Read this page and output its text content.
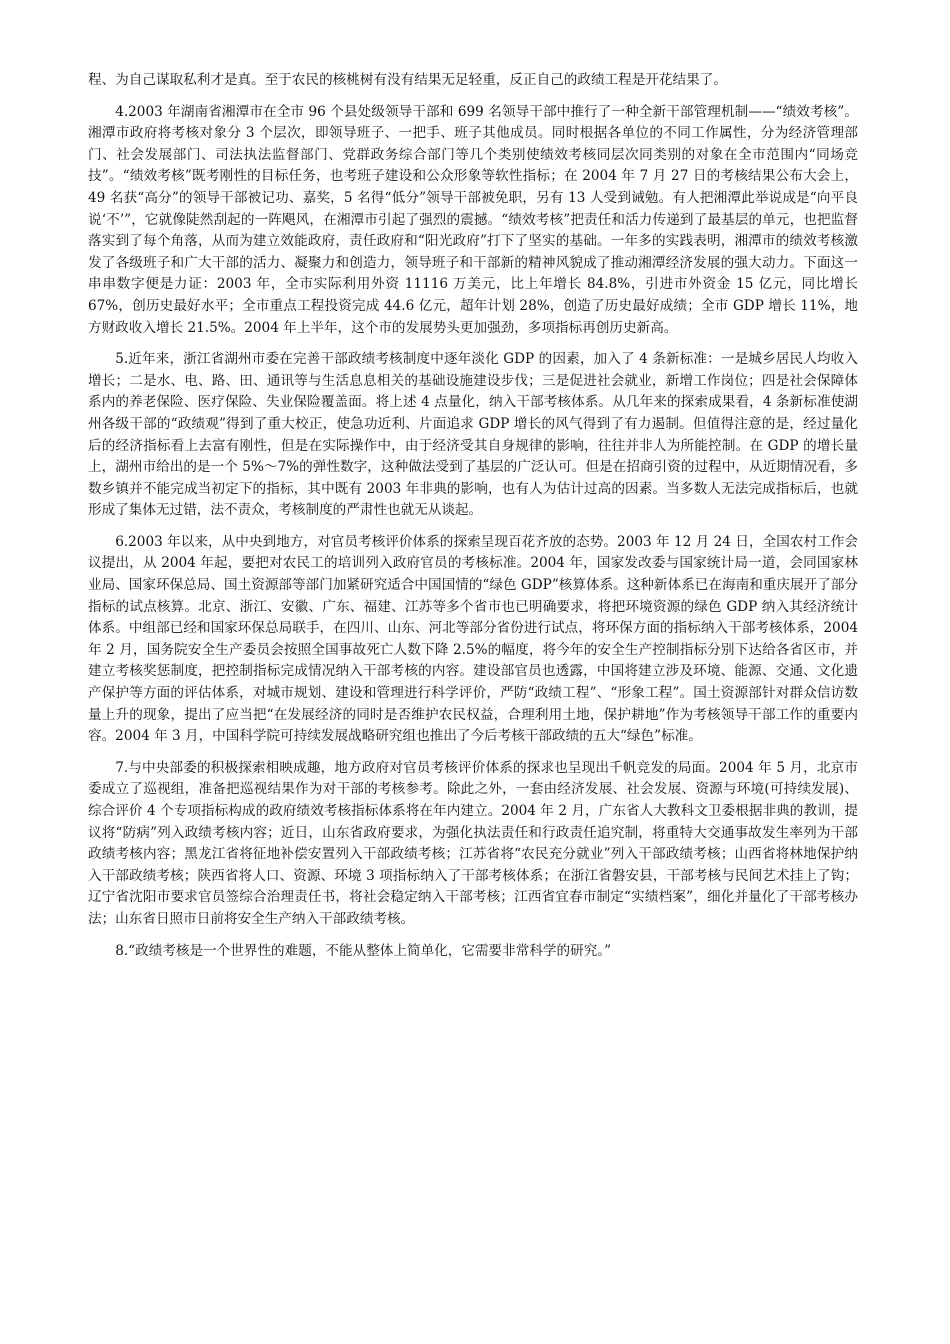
程、为自己谋取私利才是真。至于农民的核桃树有没有结果无足轻重，反正自己的政绩工程是开花结果了。

4.2003 年湖南省湘潭市在全市 96 个县处级领导干部和 699 名领导干部中推行了一种全新干部管理机制——“绩效考核”。湘潭市政府将考核对象分 3 个层次，即领导班子、一把手、班子其他成员。同时根据各单位的不同工作属性，分为经济管理部门、社会发展部门、司法执法监督部门、党群政务综合部门等几个类别使绩效考核同层次同类别的对象在全市范围内“同场竞技”。“绩效考核”既考刚性的目标任务，也考班子建设和公众形象等软性指标；在 2004 年 7 月 27 日的考核结果公布大会上，49 名获“高分”的领导干部被记功、嘉奖，5 名得“低分”领导干部被免职，另有 13 人受到诫勉。有人把湘潭此举说成是“向平良说‘不’”，它就像陡然刮起的一阵飓风，在湘潭市引起了强烈的震撼。“绩效考核”把责任和活力传递到了最基层的单元，也把监督落实到了每个角落，从而为建立效能政府，责任政府和“阳光政府”打下了坚实的基础。一年多的实践表明，湘潭市的绩效考核激发了各级班子和广大干部的活力、凝聚力和创造力，领导班子和干部新的精神风貌成了推动湘潭经济发展的强大动力。下面这一串串数字便是力证：2003 年，全市实际利用外资 11116 万美元，比上年增长 84.8%，引进市外资金 15 亿元，同比增长 67%，创历史最好水平；全市重点工程投资完成 44.6 亿元，超年计划 28%，创造了历史最好成绩；全市 GDP 增长 11%，地方财政收入增长 21.5%。2004 年上半年，这个市的发展势头更加强劲，多项指标再创历史新高。

5.近年来，浙江省湖州市委在完善干部政绩考核制度中逐年淡化 GDP 的因素，加入了 4 条新标准：一是城乡居民人均收入增长；二是水、电、路、田、通讯等与生活息息相关的基础设施建设步伐；三是促进社会就业，新增工作岗位；四是社会保障体系内的养老保险、医疗保险、失业保险覆盖面。将上述 4 点量化，纳入干部考核体系。从几年来的探索成果看，4 条新标准使湖州各级干部的“政绩观”得到了重大校正，使急功近利、片面追求 GDP 增长的风气得到了有力遏制。但值得注意的是，经过量化后的经济指标看上去富有刚性，但是在实际操作中，由于经济受其自身规律的影响，往往并非人为所能控制。在 GDP 的增长量上，湖州市给出的是一个 5%～7%的弹性数字，这种做法受到了基层的广泛认可。但是在招商引资的过程中，从近期情况看，多数乡镇并不能完成当初定下的指标，其中既有 2003 年非典的影响，也有人为估计过高的因素。当多数人无法完成指标后，也就形成了集体无过错，法不责众，考核制度的严肃性也就无从谈起。

6.2003 年以来，从中央到地方，对官员考核评价体系的探索呈现百花齐放的态势。2003 年 12 月 24 日，全国农村工作会议提出，从 2004 年起，要把对农民工的培训列入政府官员的考核标准。2004 年，国家发改委与国家统计局一道，会同国家林业局、国家环保总局、国土资源部等部门加紧研究适合中国国情的“绿色 GDP”核算体系。这种新体系已在海南和重庆展开了部分指标的试点核算。北京、浙江、安徽、广东、福建、江苏等多个省市也已明确要求，将把环境资源的绿色 GDP 纳入其经济统计体系。中组部已经和国家环保总局联手，在四川、山东、河北等部分省份进行试点，将环保方面的指标纳入干部考核体系，2004 年 2 月，国务院安全生产委员会按照全国事故死亡人数下降 2.5%的幅度，将今年的安全生产控制指标分别下达给各省区市，并建立考核奖惩制度，把控制指标完成情况纳入干部考核的内容。建设部官员也透露，中国将建立涉及环境、能源、交通、文化遗产保护等方面的评估体系，对城市规划、建设和管理进行科学评价，严防“政绩工程”、“形象工程”。国土资源部针对群众信访数量上升的现象，提出了应当把“在发展经济的同时是否维护农民权益，合理利用土地，保护耕地”作为考核领导干部工作的重要内容。2004 年 3 月，中国科学院可持续发展战略研究组也推出了今后考核干部政绩的五大“绿色”标准。

7.与中央部委的积极探索相映成趣，地方政府对官员考核评价体系的探求也呈现出千帆竞发的局面。2004 年 5 月，北京市委成立了巡视组，准备把巡视结果作为对干部的考核参考。除此之外，一套由经济发展、社会发展、资源与环境(可持续发展)、综合评价 4 个专项指标构成的政府绩效考核指标体系将在年内建立。2004 年 2 月，广东省人大教科文卫委根据非典的教训，提议将“防病”列入政绩考核内容；近日，山东省政府要求，为强化执法责任和行政责任追究制，将重特大交通事故发生率列为干部政绩考核内容；黑龙江省将征地补偿安置列入干部政绩考核；江苏省将“农民充分就业”列入干部政绩考核；山西省将林地保护纳入干部政绩考核；陕西省将人口、资源、环境 3 项指标纳入了干部考核体系；在浙江省磐安县，干部考核与民间艺术挂上了钩；辽宁省沈阳市要求官员签综合治理责任书，将社会稳定纳入干部考核；江西省宜春市制定“实绩档案”，细化并量化了干部考核办法；山东省日照市日前将安全生产纳入干部政绩考核。

8.“政绩考核是一个世界性的难题，不能从整体上简单化，它需要非常科学的研究。”
